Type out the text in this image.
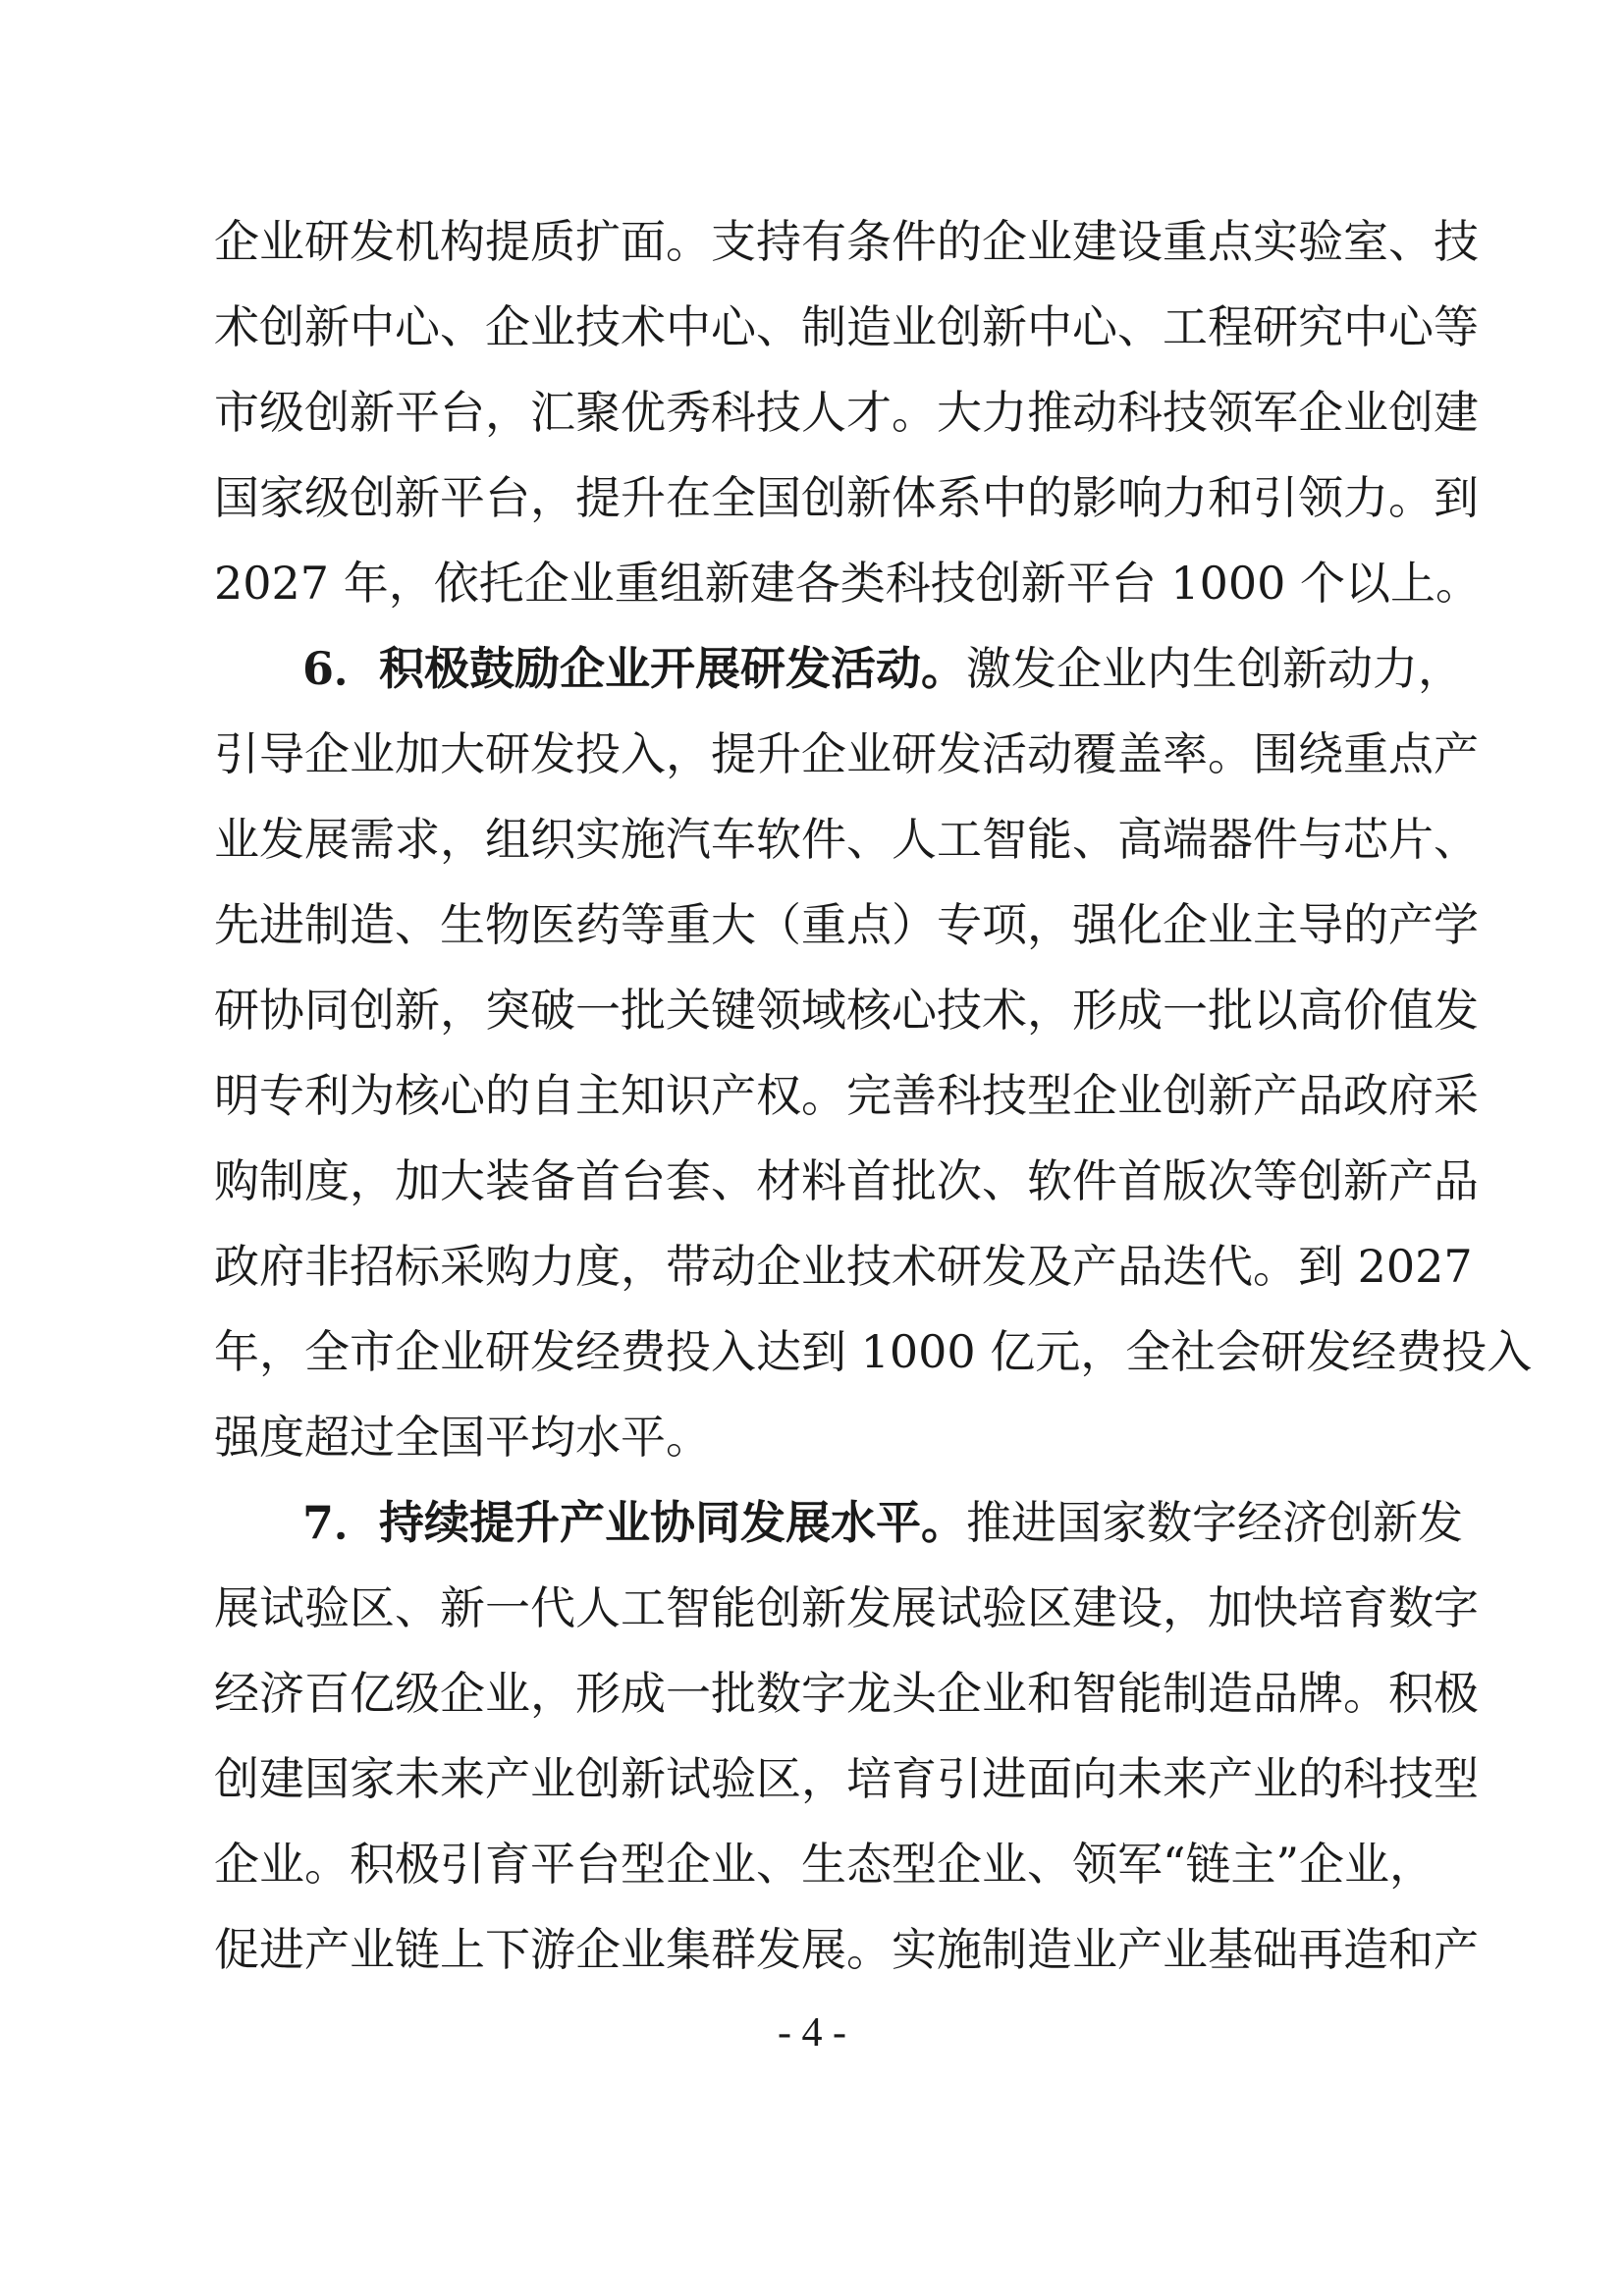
企业研发机构提质扩面。支持有条件的企业建设重点实验室、技
术创新中心、企业技术中心、制造业创新中心、工程研究中心等
市级创新平台，汇聚优秀科技人才。大力推动科技领军企业创建
国家级创新平台，提升在全国创新体系中的影响力和引领力。到
2027 年，依托企业重组新建各类科技创新平台 1000 个以上。
6．积极鼓励企业开展研发活动。激发企业内生创新动力，
引导企业加大研发投入，提升企业研发活动覆盖率。围绕重点产
业发展需求，组织实施汽车软件、人工智能、高端器件与芯片、
先进制造、生物医药等重大（重点）专项，强化企业主导的产学
研协同创新，突破一批关键领域核心技术，形成一批以高价值发
明专利为核心的自主知识产权。完善科技型企业创新产品政府采
购制度，加大装备首台套、材料首批次、软件首版次等创新产品
政府非招标采购力度，带动企业技术研发及产品迭代。到 2027
年，全市企业研发经费投入达到 1000 亿元，全社会研发经费投入
强度超过全国平均水平。
7．持续提升产业协同发展水平。推进国家数字经济创新发
展试验区、新一代人工智能创新发展试验区建设，加快培育数字
经济百亿级企业，形成一批数字龙头企业和智能制造品牌。积极
创建国家未来产业创新试验区，培育引进面向未来产业的科技型
企业。积极引育平台型企业、生态型企业、领军“链主”企业，
促进产业链上下游企业集群发展。实施制造业产业基础再造和产
- 4 -
